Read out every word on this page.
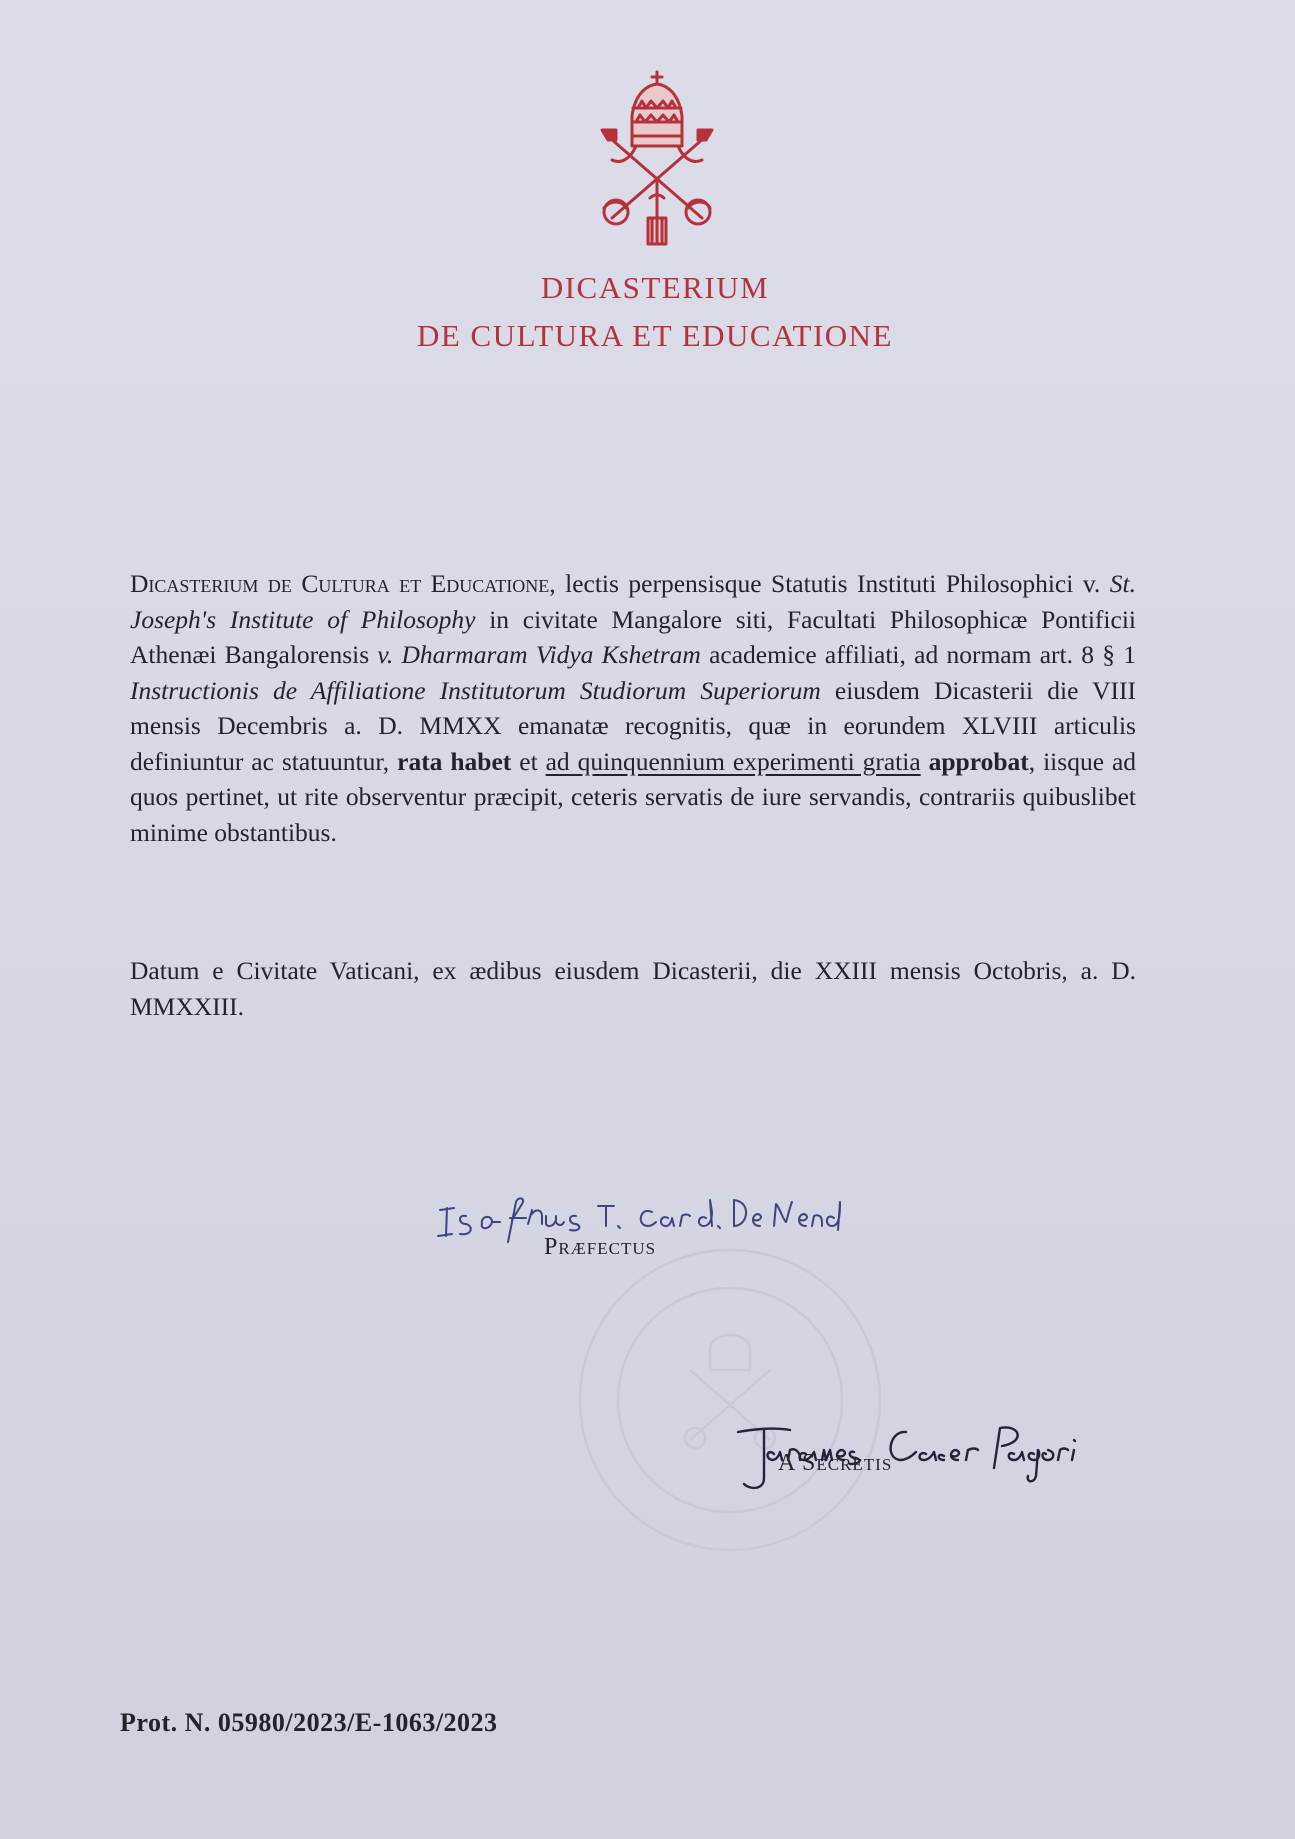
DICASTERIUM
DE CULTURA ET EDUCATIONE
Dicasterium de Cultura et Educatione, lectis perpensisque Statutis Instituti Philosophici v. St. Joseph's Institute of Philosophy in civitate Mangalore siti, Facultati Philosophicæ Pontificii Athenæi Bangalorensis v. Dharmaram Vidya Kshetram academice affiliati, ad normam art. 8 § 1 Instructionis de Affiliatione Institutorum Studiorum Superiorum eiusdem Dicasterii die VIII mensis Decembris a. D. MMXX emanatæ recognitis, quæ in eorundem XLVIII articulis definiuntur ac statuuntur, rata habet et ad quinquennium experimenti gratia approbat, iisque ad quos pertinet, ut rite observentur præcipit, ceteris servatis de iure servandis, contrariis quibuslibet minime obstantibus.
Datum e Civitate Vaticani, ex ædibus eiusdem Dicasterii, die XXIII mensis Octobris, a. D. MMXXIII.
Præfectus
A Secretis
Prot. N. 05980/2023/E-1063/2023
